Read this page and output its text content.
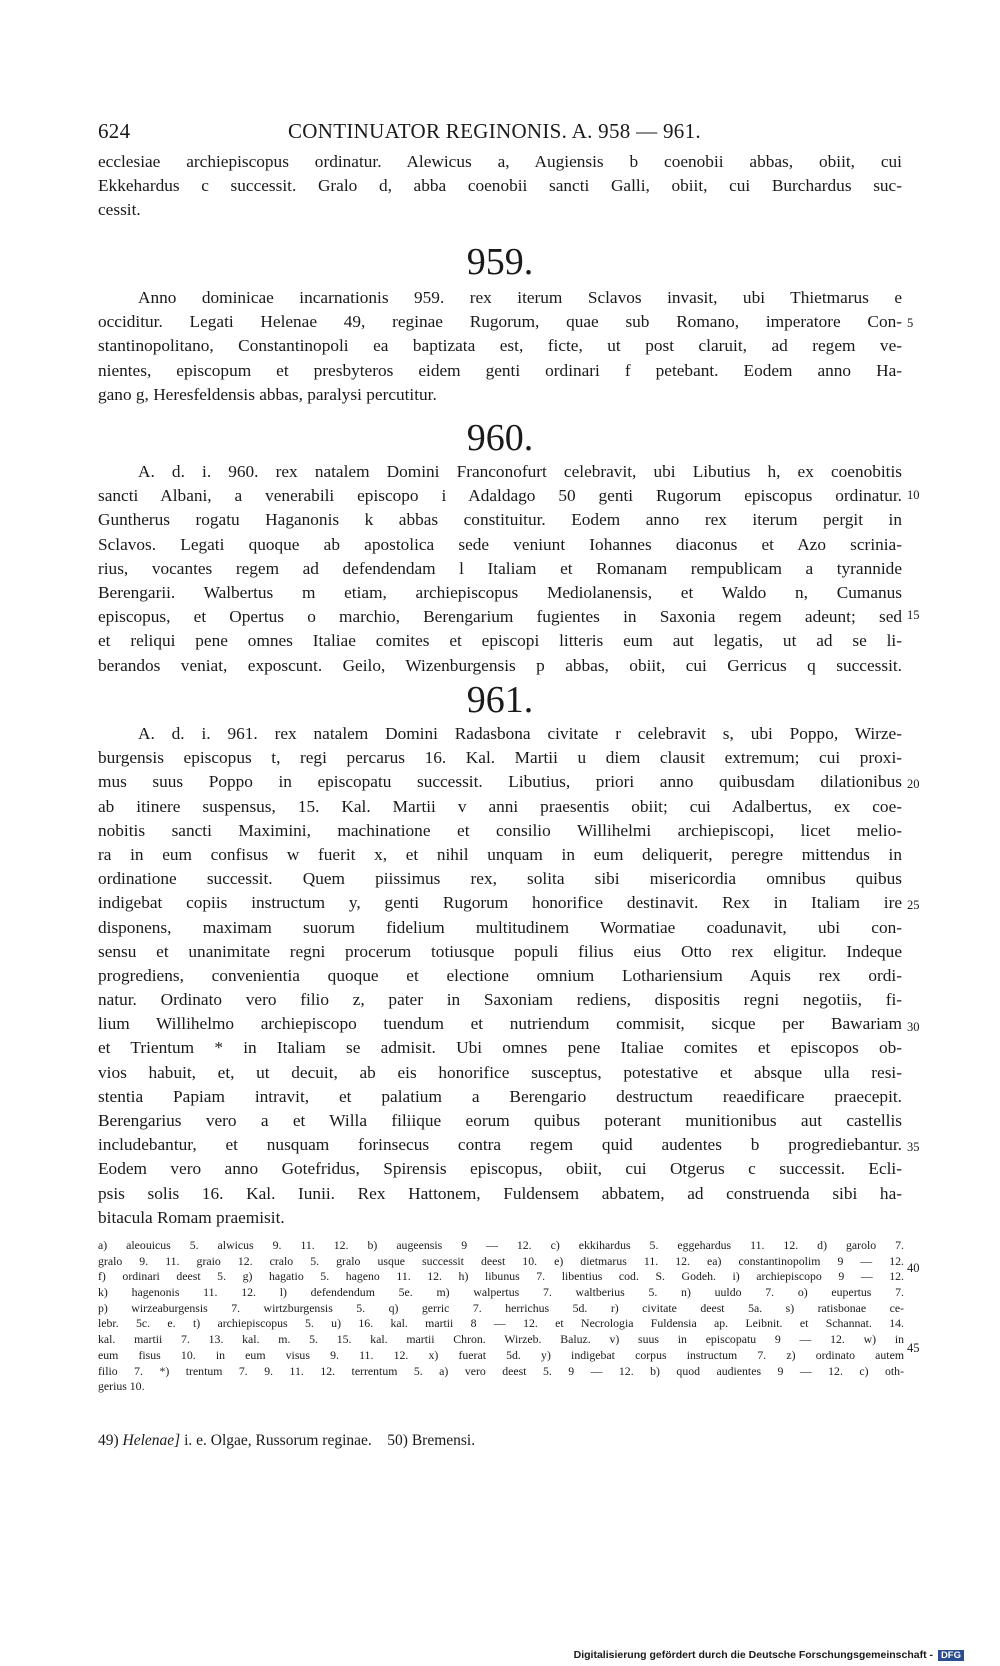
624	CONTINUATOR REGINONIS. A. 958 — 961.
ecclesiae archiepiscopus ordinatur. Alewicus a, Augiensis b coenobii abbas, obiit, cui
Ekkehardus c successit. Gralo d, abba coenobii sancti Galli, obiit, cui Burchardus suc-
cessit.
959.
Anno dominicae incarnationis 959. rex iterum Sclavos invasit, ubi Thietmarus e
occiditur. Legati Helenae 49, reginae Rugorum, quae sub Romano, imperatore Con-
stantinopolitano, Constantinopoli ea baptizata est, ficte, ut post claruit, ad regem ve-
nientes, episcopum et presbyteros eidem genti ordinari f petebant. Eodem anno Ha-
gano g, Heresfeldensis abbas, paralysi percutitur.
960.
A. d. i. 960. rex natalem Domini Franconofurt celebravit, ubi Libutius h, ex coenobitis
sancti Albani, a venerabili episcopo i Adaldago 50 genti Rugorum episcopus ordinatur.
Guntherus rogatu Haganonis k abbas constituitur. Eodem anno rex iterum pergit in
Sclavos. Legati quoque ab apostolica sede veniunt Iohannes diaconus et Azo scrinia-
rius, vocantes regem ad defendendam l Italiam et Romanam rempublicam a tyrannide
Berengarii. Walbertus m etiam, archiepiscopus Mediolanensis, et Waldo n, Cumanus
episcopus, et Opertus o marchio, Berengarium fugientes in Saxonia regem adeunt; sed
et reliqui pene omnes Italiae comites et episcopi litteris eum aut legatis, ut ad se li-
berandos veniat, exposcunt. Geilo, Wizenburgensis p abbas, obiit, cui Gerricus q successit.
961.
A. d. i. 961. rex natalem Domini Radasbona civitate r celebravit s, ubi Poppo, Wirze-
burgensis episcopus t, regi percarus 16. Kal. Martii u diem clausit extremum; cui proxi-
mus suus Poppo in episcopatu successit. Libutius, priori anno quibusdam dilationibus
ab itinere suspensus, 15. Kal. Martii v anni praesentis obiit; cui Adalbertus, ex coe-
nobitis sancti Maximini, machinatione et consilio Willihelmi archiepiscopi, licet melio-
ra in eum confisus w fuerit x, et nihil unquam in eum deliquerit, peregre mittendus in
ordinatione successit. Quem piissimus rex, solita sibi misericordia omnibus quibus
indigebat copiis instructum y, genti Rugorum honorifice destinavit. Rex in Italiam ire
disponens, maximam suorum fidelium multitudinem Wormatiae coadunavit, ubi con-
sensu et unanimitate regni procerum totiusque populi filius eius Otto rex eligitur. Indeque
progrediens, convenientia quoque et electione omnium Lothariensium Aquis rex ordi-
natur. Ordinato vero filio z, pater in Saxoniam rediens, dispositis regni negotiis, fi-
lium Willihelmo archiepiscopo tuendum et nutriendum commisit, sicque per Bawariam
et Trientum * in Italiam se admisit. Ubi omnes pene Italiae comites et episcopos ob-
vios habuit, et, ut decuit, ab eis honorifice susceptus, potestative et absque ulla resi-
stentia Papiam intravit, et palatium a Berengario destructum reaedificare praecepit.
Berengarius vero a et Willa filiique eorum quibus poterant munitionibus aut castellis
includebantur, et nusquam forinsecus contra regem quid audentes b progrediebantur.
Eodem vero anno Gotefridus, Spirensis episcopus, obiit, cui Otgerus c successit. Ecli-
psis solis 16. Kal. Iunii. Rex Hattonem, Fuldensem abbatem, ad construenda sibi ha-
bitacula Romam praemisit.
5
10
15
20
25
30
35
40
45
a) aleouicus 5. alwicus 9. 11. 12. b) augeensis 9 — 12. c) ekkihardus 5. eggehardus 11. 12. d) garolo 7.
gralo 9. 11. graio 12. cralo 5. gralo usque successit deest 10. e) dietmarus 11. 12. ea) constantinopolim 9 — 12.
f) ordinari deest 5. g) hagatio 5. hageno 11. 12. h) libunus 7. libentius cod. S. Godeh. i) archiepiscopo 9 — 12.
k) hagenonis 11. 12. l) defendendum 5e. m) walpertus 7. waltberius 5. n) uuldo 7. o) eupertus 7.
p) wirzeaburgensis 7. wirtzburgensis 5. q) gerric 7. herrichus 5d. r) civitate deest 5a. s) ratisbonae ce-
lebr. 5c. e. t) archiepiscopus 5. u) 16. kal. martii 8 — 12. et Necrologia Fuldensia ap. Leibnit. et Schannat. 14.
kal. martii 7. 13. kal. m. 5. 15. kal. martii Chron. Wirzeb. Baluz. v) suus in episcopatu 9 — 12. w) in
eum fisus 10. in eum visus 9. 11. 12. x) fuerat 5d. y) indigebat corpus instructum 7. z) ordinato autem
filio 7. *) trentum 7. 9. 11. 12. terrentum 5. a) vero deest 5. 9 — 12. b) quod audientes 9 — 12. c) oth-
gerius 10.
49) Helenae] i. e. Olgae, Russorum reginae. 50) Bremensi.
Digitalisierung gefördert durch die Deutsche Forschungsgemeinschaft - DFG
